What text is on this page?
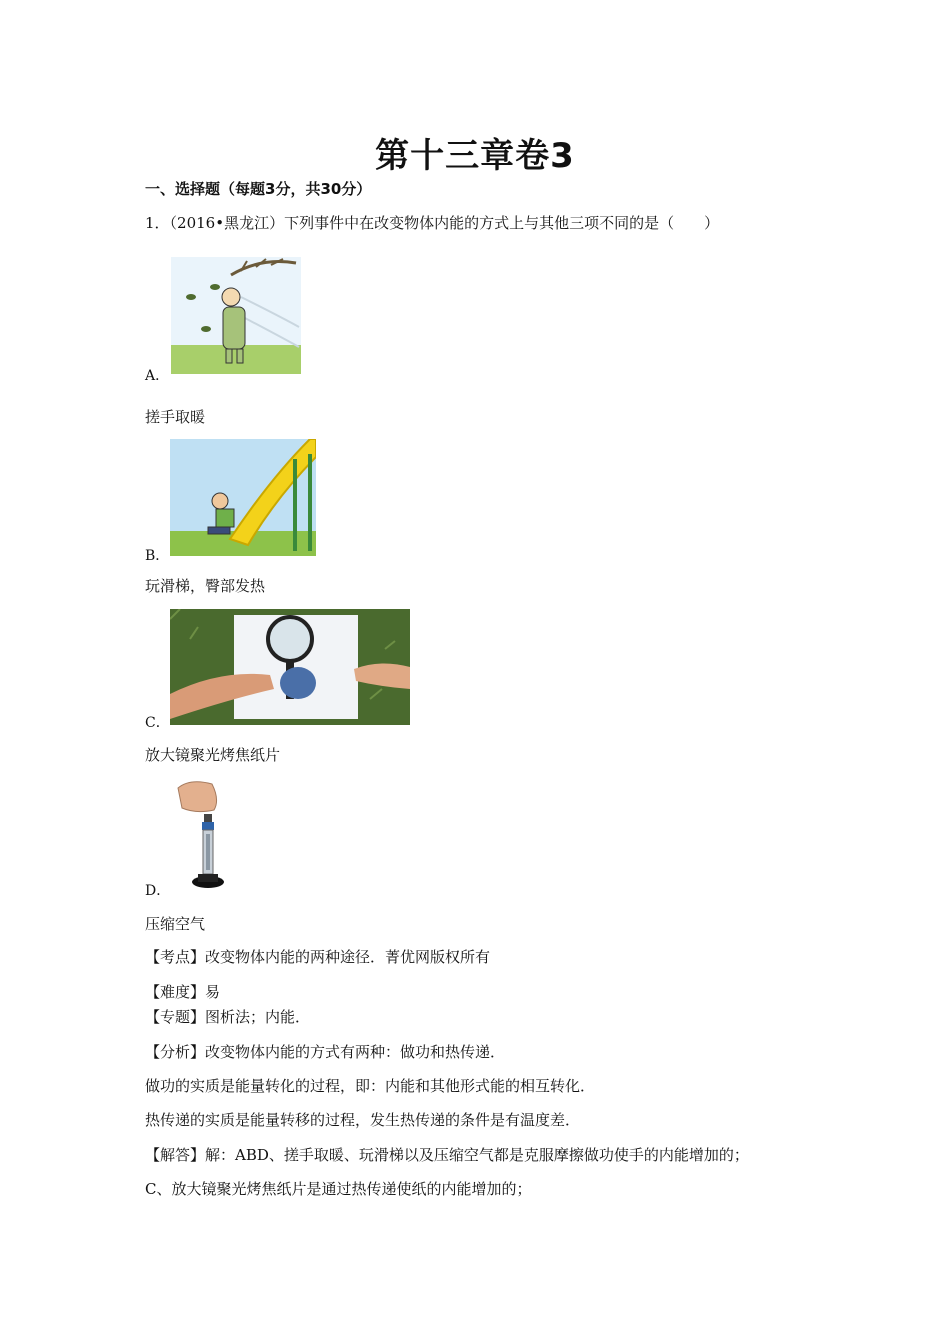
第十三章卷3
一、选择题（每题3分，共30分）
1．（2016•黑龙江）下列事件中在改变物体内能的方式上与其他三项不同的是（　　）
A．
搓手取暖
B．
玩滑梯，臀部发热
C．
放大镜聚光烤焦纸片
D．
压缩空气
【考点】改变物体内能的两种途径．菁优网版权所有
【难度】易
【专题】图析法；内能．
【分析】改变物体内能的方式有两种：做功和热传递．
做功的实质是能量转化的过程，即：内能和其他形式能的相互转化．
热传递的实质是能量转移的过程，发生热传递的条件是有温度差．
【解答】解：ABD、搓手取暖、玩滑梯以及压缩空气都是克服摩擦做功使手的内能增加的；
C、放大镜聚光烤焦纸片是通过热传递使纸的内能增加的；
